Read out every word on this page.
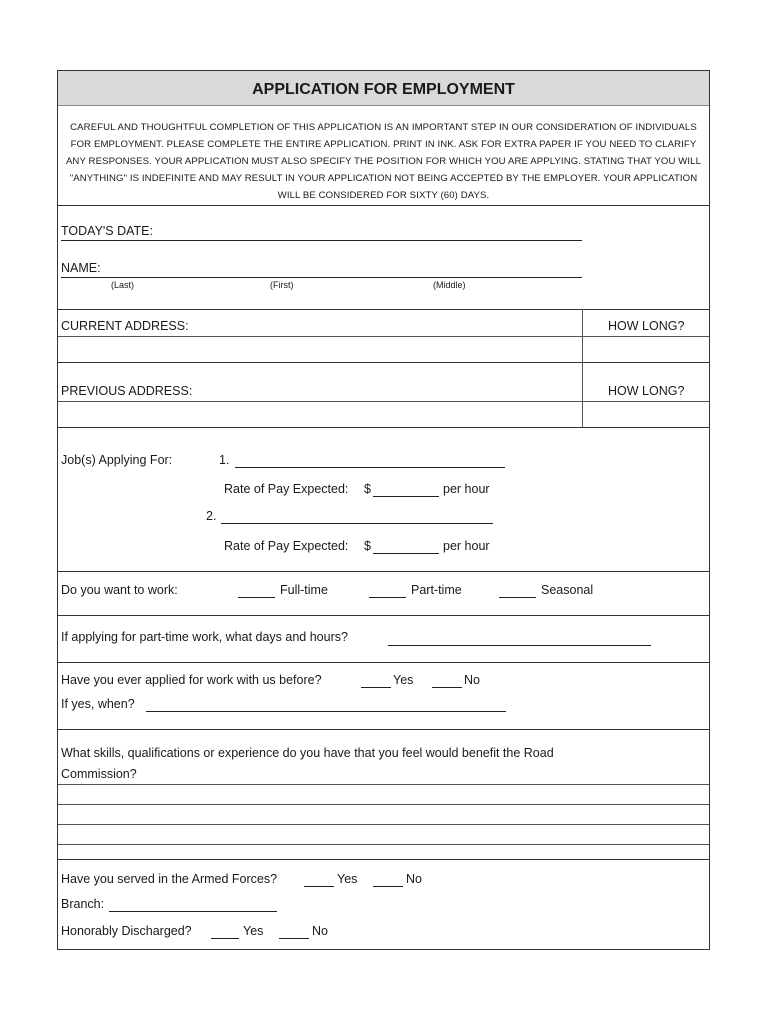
APPLICATION FOR EMPLOYMENT
CAREFUL AND THOUGHTFUL COMPLETION OF THIS APPLICATION IS AN IMPORTANT STEP IN OUR CONSIDERATION OF INDIVIDUALS FOR EMPLOYMENT. PLEASE COMPLETE THE ENTIRE APPLICATION. PRINT IN INK. ASK FOR EXTRA PAPER IF YOU NEED TO CLARIFY ANY RESPONSES. YOUR APPLICATION MUST ALSO SPECIFY THE POSITION FOR WHICH YOU ARE APPLYING. STATING THAT YOU WILL "ANYTHING" IS INDEFINITE AND MAY RESULT IN YOUR APPLICATION NOT BEING ACCEPTED BY THE EMPLOYER. YOUR APPLICATION WILL BE CONSIDERED FOR SIXTY (60) DAYS.
TODAY'S DATE:
NAME:
(Last)	(First)	(Middle)
CURRENT ADDRESS:	HOW LONG?
PREVIOUS ADDRESS:	HOW LONG?
Job(s) Applying For:	1.
Rate of Pay Expected: $	per hour
2.
Rate of Pay Expected: $	per hour
Do you want to work:	Full-time	Part-time	Seasonal
If applying for part-time work, what days and hours?
Have you ever applied for work with us before?	Yes	No
If yes, when?
What skills, qualifications or experience do you have that you feel would benefit the Road
Commission?
Have you served in the Armed Forces?	Yes	No
Branch:
Honorably Discharged?	Yes	No
